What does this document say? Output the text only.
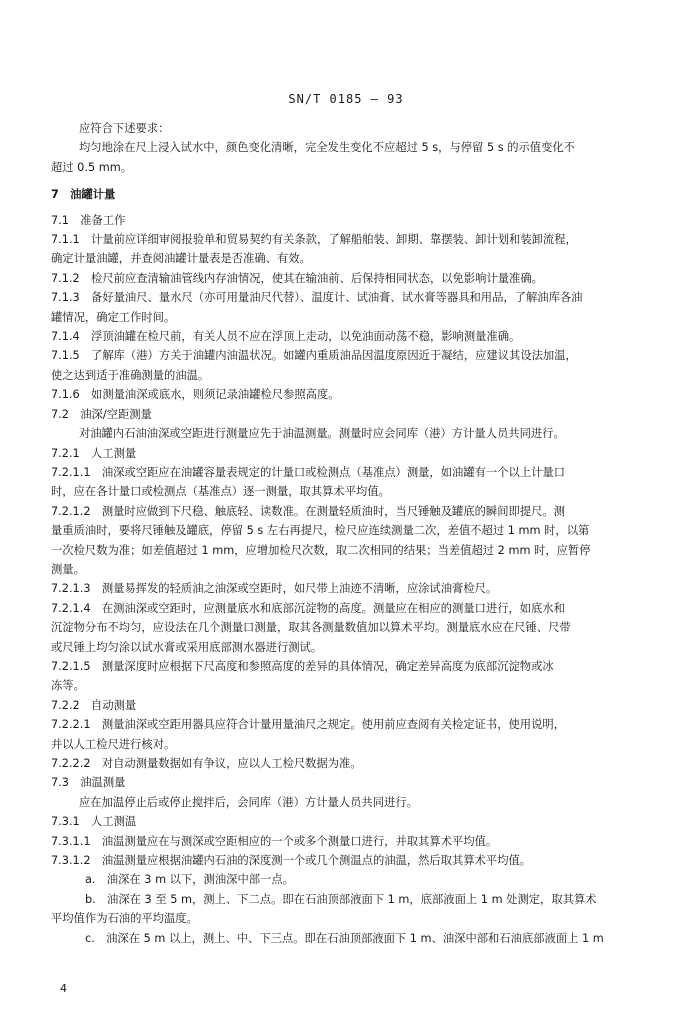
SN/T 0185 — 93
应符合下述要求：
均匀地涂在尺上浸入试水中，颜色变化清晰，完全发生变化不应超过 5 s，与停留 5 s 的示值变化不
超过 0.5 mm。
7　油罐计量
7.1　准备工作
7.1.1　计量前应详细审阅报验单和贸易契约有关条款，了解船舶装、卸期、靠摆装、卸计划和装卸流程，
确定计量油罐，并查阅油罐计量表是否准确、有效。
7.1.2　检尺前应查清输油管线内存油情况，使其在输油前、后保持相同状态，以免影响计量准确。
7.1.3　备好量油尺、量水尺（亦可用量油尺代替）、温度计、试油膏、试水膏等器具和用品，了解油库各油
罐情况，确定工作时间。
7.1.4　浮顶油罐在检尺前，有关人员不应在浮顶上走动，以免油面动荡不稳，影响测量准确。
7.1.5　了解库（港）方关于油罐内油温状况。如罐内重质油品因温度原因近于凝结，应建议其设法加温，
使之达到适于准确测量的油温。
7.1.6　如测量油深或底水，则须记录油罐检尺参照高度。
7.2　油深/空距测量
对油罐内石油油深或空距进行测量应先于油温测量。测量时应会同库（港）方计量人员共同进行。
7.2.1　人工测量
7.2.1.1　油深或空距应在油罐容量表规定的计量口或检测点（基准点）测量，如油罐有一个以上计量口
时，应在各计量口或检测点（基准点）逐一测量，取其算术平均值。
7.2.1.2　测量时应做到下尺稳、触底轻、读数准。在测量轻质油时，当尺锤触及罐底的瞬间即提尺。测
量重质油时，要将尺锤触及罐底，停留 5 s 左右再提尺，检尺应连续测量二次，差值不超过 1 mm 时，以第
一次检尺数为准；如差值超过 1 mm，应增加检尺次数，取二次相同的结果；当差值超过 2 mm 时，应暂停
测量。
7.2.1.3　测量易挥发的轻质油之油深或空距时，如尺带上油迹不清晰，应涂试油膏检尺。
7.2.1.4　在测油深或空距时，应测量底水和底部沉淀物的高度。测量应在相应的测量口进行，如底水和
沉淀物分布不均匀，应设法在几个测量口测量，取其各测量数值加以算术平均。测量底水应在尺锤、尺带
或尺锤上均匀涂以试水膏或采用底部测水器进行测试。
7.2.1.5　测量深度时应根据下尺高度和参照高度的差异的具体情况，确定差异高度为底部沉淀物或冰
冻等。
7.2.2　自动测量
7.2.2.1　测量油深或空距用器具应符合计量用量油尺之规定。使用前应查阅有关检定证书，使用说明，
并以人工检尺进行核对。
7.2.2.2　对自动测量数据如有争议，应以人工检尺数据为准。
7.3　油温测量
应在加温停止后或停止搅拌后，会同库（港）方计量人员共同进行。
7.3.1　人工测温
7.3.1.1　油温测量应在与测深或空距相应的一个或多个测量口进行，并取其算术平均值。
7.3.1.2　油温测量应根据油罐内石油的深度测一个或几个测温点的油温，然后取其算术平均值。
a.　油深在 3 m 以下，测油深中部一点。
b.　油深在 3 至 5 m，测上、下二点。即在石油顶部液面下 1 m，底部液面上 1 m 处测定，取其算术
平均值作为石油的平均温度。
c.　油深在 5 m 以上，测上、中、下三点。即在石油顶部液面下 1 m、油深中部和石油底部液面上 1 m
4
